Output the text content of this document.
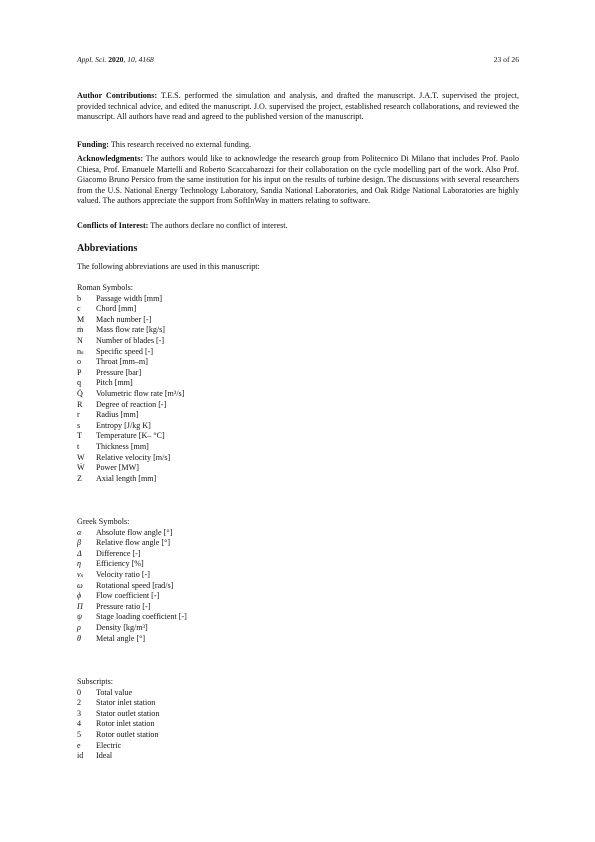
Appl. Sci. 2020, 10, 4168	23 of 26

Author Contributions: T.E.S. performed the simulation and analysis, and drafted the manuscript. J.A.T. supervised the project, provided technical advice, and edited the manuscript. J.O. supervised the project, established research collaborations, and reviewed the manuscript. All authors have read and agreed to the published version of the manuscript.

Funding: This research received no external funding.

Acknowledgments: The authors would like to acknowledge the research group from Politecnico Di Milano that includes Prof. Paolo Chiesa, Prof. Emanuele Martelli and Roberto Scaccabarozzi for their collaboration on the cycle modelling part of the work. Also Prof. Giacomo Bruno Persico from the same institution for his input on the results of turbine design. The discussions with several researchers from the U.S. National Energy Technology Laboratory, Sandia National Laboratories, and Oak Ridge National Laboratories are highly valued. The authors appreciate the support from SoftInWay in matters relating to software.

Conflicts of Interest: The authors declare no conflict of interest.

Abbreviations
The following abbreviations are used in this manuscript:
Roman Symbols:
b Passage width [mm]
c Chord [mm]
M Mach number [-]
ṁ Mass flow rate [kg/s]
N Number of blades [-]
nₛ Specific speed [-]
o Throat [mm–m]
P Pressure [bar]
q Pitch [mm]
Q̇ Volumetric flow rate [m³/s]
R Degree of reaction [-]
r Radius [mm]
s Entropy [J/kg K]
T Temperature [K– °C]
t Thickness [mm]
W Relative velocity [m/s]
Ẇ Power [MW]
Z Axial length [mm]
Greek Symbols:
α Absolute flow angle [°]
β Relative flow angle [°]
Δ Difference [-]
η Efficiency [%]
νₛ Velocity ratio [-]
ω Rotational speed [rad/s]
ϕ Flow coefficient [-]
Π Pressure ratio [-]
ψ Stage loading coefficient [-]
ρ Density [kg/m³]
θ Metal angle [°]
Subscripts:
0 Total value
2 Stator inlet station
3 Stator outlet station
4 Rotor inlet station
5 Rotor outlet station
e Electric
id Ideal
